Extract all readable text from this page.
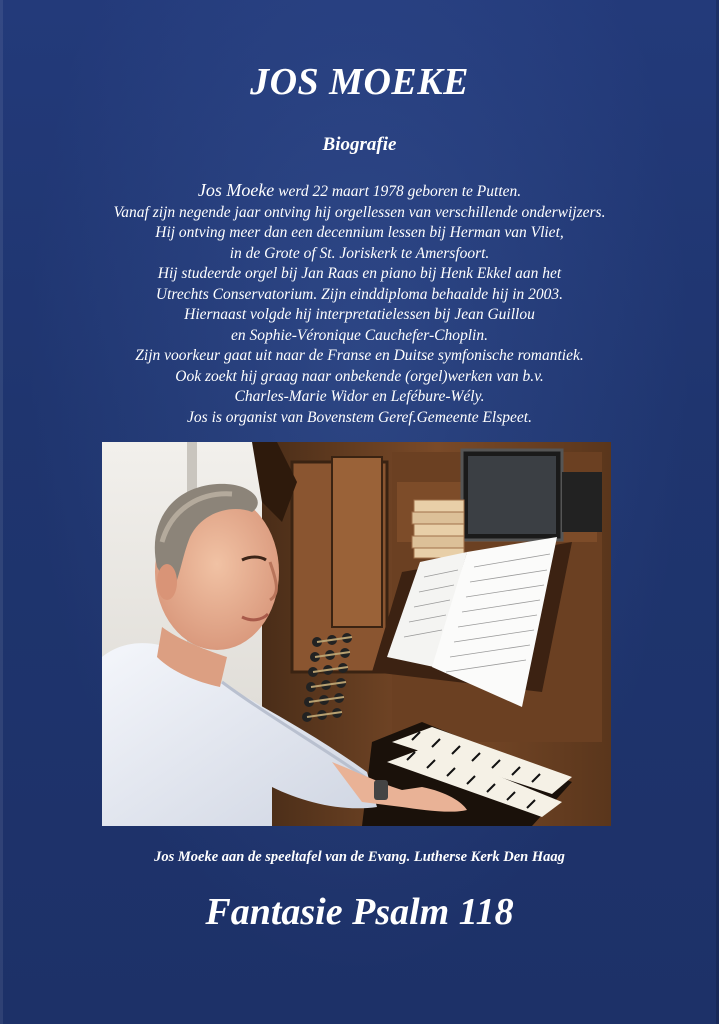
JOS MOEKE
Biografie
Jos Moeke werd 22 maart 1978 geboren te Putten.
Vanaf zijn negende jaar ontving hij orgellessen van verschillende onderwijzers.
Hij ontving meer dan een decennium lessen bij Herman van Vliet,
in de Grote of St. Joriskerk te Amersfoort.
Hij studeerde orgel bij Jan Raas en piano bij Henk Ekkel aan het
Utrechts Conservatorium. Zijn einddiploma behaalde hij in 2003.
Hiernaast volgde hij interpretatielessen bij Jean Guillou
en Sophie-Véronique Cauchefer-Choplin.
Zijn voorkeur gaat uit naar de Franse en Duitse symfonische romantiek.
Ook zoekt hij graag naar onbekende (orgel)werken van b.v.
Charles-Marie Widor en Lefébure-Wély.
Jos is organist van Bovenstem Geref.Gemeente Elspeet.

Jos Moeke aan de speeltafel van de Evang. Lutherse Kerk Den Haag

Fantasie Psalm 118
